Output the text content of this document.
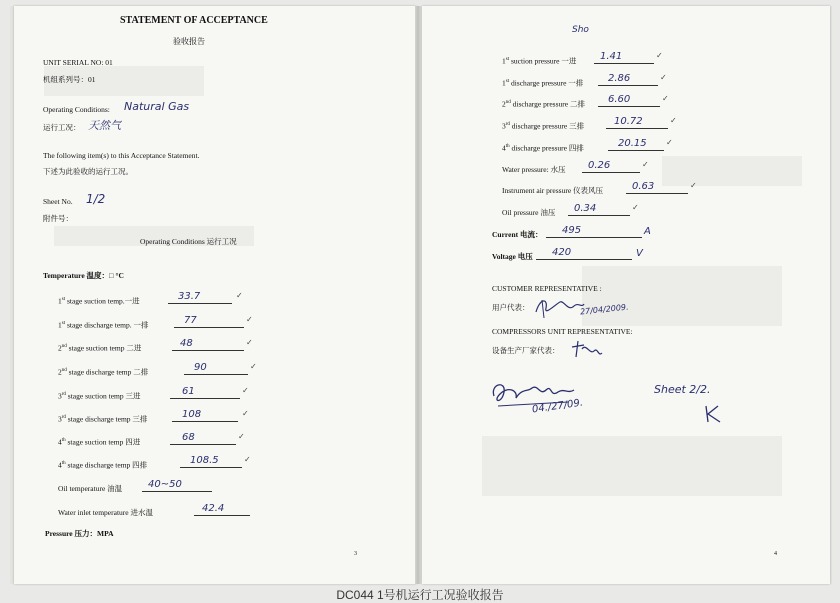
STATEMENT OF ACCEPTANCE
验收报告
UNIT SERIAL NO: 01
机组系列号：01
Operating Conditions: Natural Gas
运行工况： 天然气
The following item(s) to this Acceptance Statement.
下述为此验收的运行工况。
Sheet No. 1/2
附件号：
Operating Conditions 运行工况
Temperature 温度：□ °C
1st stage suction temp.一进	33.7	✓
1st stage discharge temp. 一排	77	✓
2nd stage suction temp 二进	48	✓
2nd stage discharge temp 二排	90	✓
3rd stage suction temp 三进	61	✓
3rd stage discharge temp 三排	108	✓
4th stage suction temp 四进	68	✓
4th stage discharge temp 四排	108.5	✓
Oil temperature 油温	40~50
Water inlet temperature 进水温	42.4
Pressure 压力：MPA
3
Sho
1st suction pressure 一进 1.41	✓
1st discharge pressure 一排 2.86	✓
2nd discharge pressure 二排 6.60	✓
3rd discharge pressure 三排	10.72	✓
4th discharge pressure 四排	20.15 ✓
Water pressure: 水压 0.26	✓
Instrument air pressure 仪表风压	0.63	✓
Oil pressure 油压 0.34	✓
Current 电流： 495	A
Voltage 电压 420	V
CUSTOMER REPRESENTATIVE :
用户代表：	27/04/2009.
COMPRESSORS UNIT REPRESENTATIVE:
设备生产厂家代表：
04./27/09.
Sheet 2/2.
4
DC044 1号机运行工况验收报告
